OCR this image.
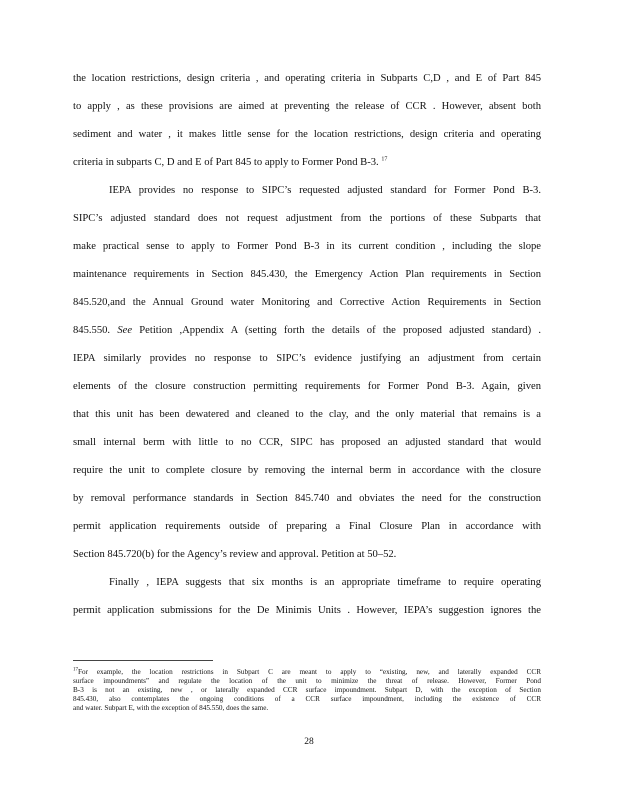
the location restrictions, design criteria , and operating criteria in Subparts C,D , and E of Part 845
to apply , as these provisions are aimed at preventing the release of CCR . However, absent both
sediment and water , it makes little sense for the location restrictions, design criteria and operating
criteria in subparts C, D and E of Part 845 to apply to Former Pond B-3. $^{17}$
IEPA provides no response to SIPC’s requested adjusted standard for Former Pond B-3.
SIPC’s adjusted standard does not request adjustment from the portions of these Subparts that
make practical sense to apply to Former Pond B-3 in its current condition , including the slope
maintenance requirements in Section 845.430, the Emergency Action Plan requirements in Section
845.520,and the Annual Ground water Monitoring and Corrective Action Requirements in Section
845.550. See Petition ,Appendix A (setting forth the details of the proposed adjusted standard) .
IEPA similarly provides no response to SIPC’s evidence justifying an adjustment from certain
elements of the closure construction permitting requirements for Former Pond B-3. Again, given
that this unit has been dewatered and cleaned to the clay, and the only material that remains is a
small internal berm with little to no CCR, SIPC has proposed an adjusted standard that would
require the unit to complete closure by removing the internal berm in accordance with the closure
by removal performance standards in Section 845.740 and obviates the need for the construction
permit application requirements outside of preparing a Final Closure Plan in accordance with
Section 845.720(b) for the Agency’s review and approval. Petition at 50–52.
Finally , IEPA suggests that six months is an appropriate timeframe to require operating
permit application submissions for the De Minimis Units . However, IEPA’s suggestion ignores the
$^{17}$For example, the location restrictions in Subpart C are meant to apply to “existing, new, and laterally expanded CCR
surface impoundments” and regulate the location of the unit to minimize the threat of release. However, Former Pond
B-3 is not an existing, new , or laterally expanded CCR surface impoundment. Subpart D, with the exception of Section
845.430, also contemplates the ongoing conditions of a CCR surface impoundment, including the existence of CCR
and water. Subpart E, with the exception of 845.550, does the same.
28
